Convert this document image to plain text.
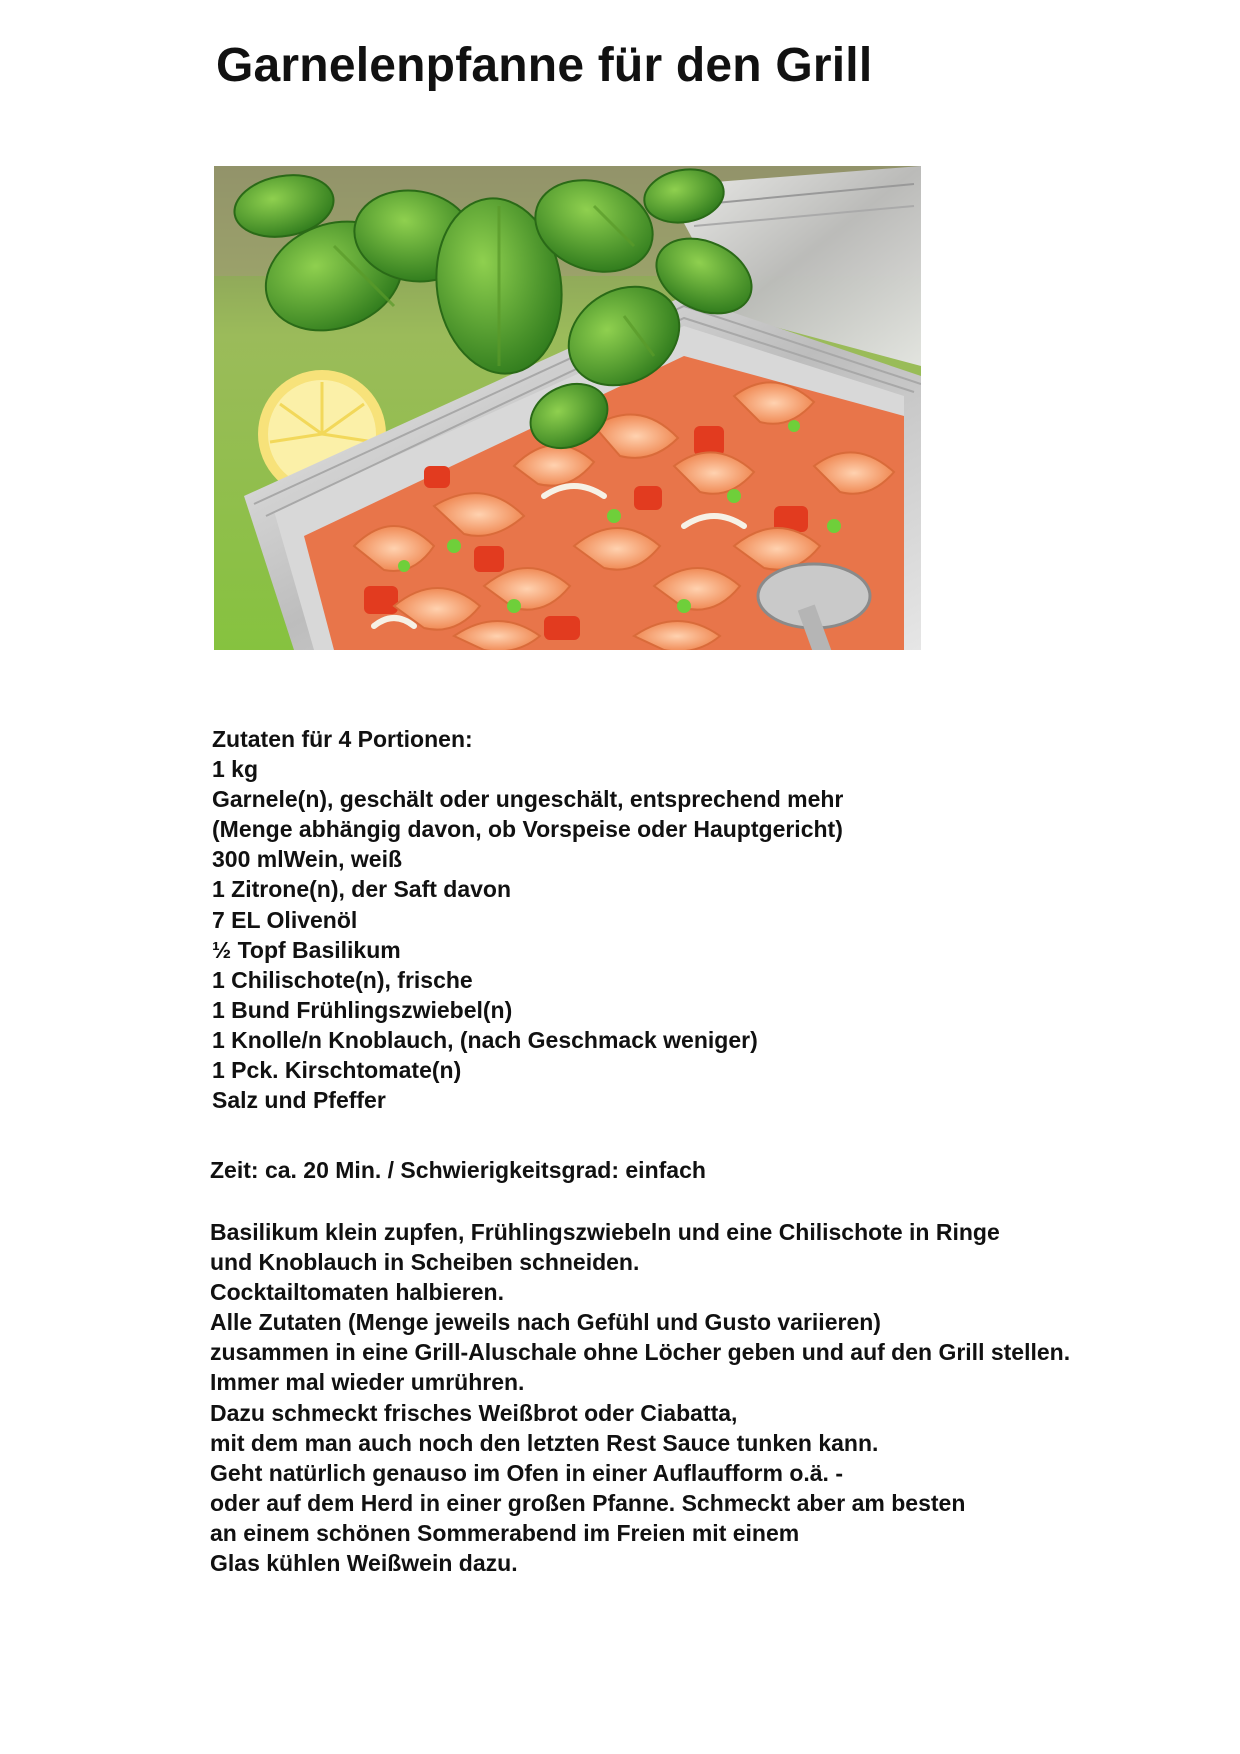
Garnelenpfanne für den Grill
Zutaten für 4 Portionen:
1 kg
Garnele(n), geschält oder ungeschält, entsprechend mehr
(Menge abhängig davon, ob Vorspeise oder Hauptgericht)
300 mlWein, weiß
1 Zitrone(n), der Saft davon
7 EL Olivenöl
½ Topf Basilikum
1 Chilischote(n), frische
1 Bund Frühlingszwiebel(n)
1 Knolle/n Knoblauch, (nach Geschmack weniger)
1 Pck. Kirschtomate(n)
Salz und Pfeffer

Zeit: ca. 20 Min. / Schwierigkeitsgrad: einfach

Basilikum klein zupfen, Frühlingszwiebeln und eine Chilischote in Ringe
und Knoblauch in Scheiben schneiden.
Cocktailtomaten halbieren.
Alle Zutaten (Menge jeweils nach Gefühl und Gusto variieren)
zusammen in eine Grill-Aluschale ohne Löcher geben und auf den Grill stellen.
Immer mal wieder umrühren.
Dazu schmeckt frisches Weißbrot oder Ciabatta,
mit dem man auch noch den letzten Rest Sauce tunken kann.
Geht natürlich genauso im Ofen in einer Auflaufform o.ä. -
oder auf dem Herd in einer großen Pfanne. Schmeckt aber am besten
an einem schönen Sommerabend im Freien mit einem
Glas kühlen Weißwein dazu.
